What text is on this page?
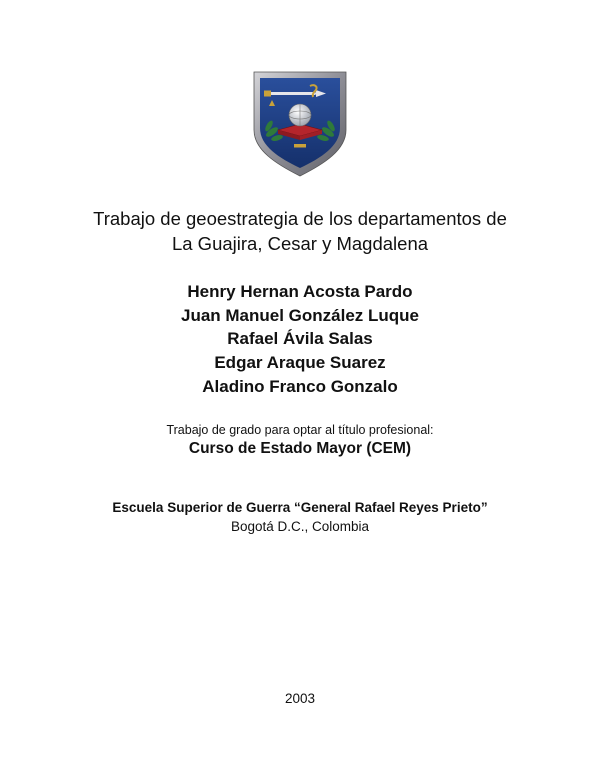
Trabajo de geoestrategia de los departamentos de
La Guajira, Cesar y Magdalena
Henry Hernan Acosta Pardo
Juan Manuel González Luque
Rafael Ávila Salas
Edgar Araque Suarez
Aladino Franco Gonzalo
Trabajo de grado para optar al título profesional:
Curso de Estado Mayor (CEM)
Escuela Superior de Guerra “General Rafael Reyes Prieto”
Bogotá D.C., Colombia
2003
